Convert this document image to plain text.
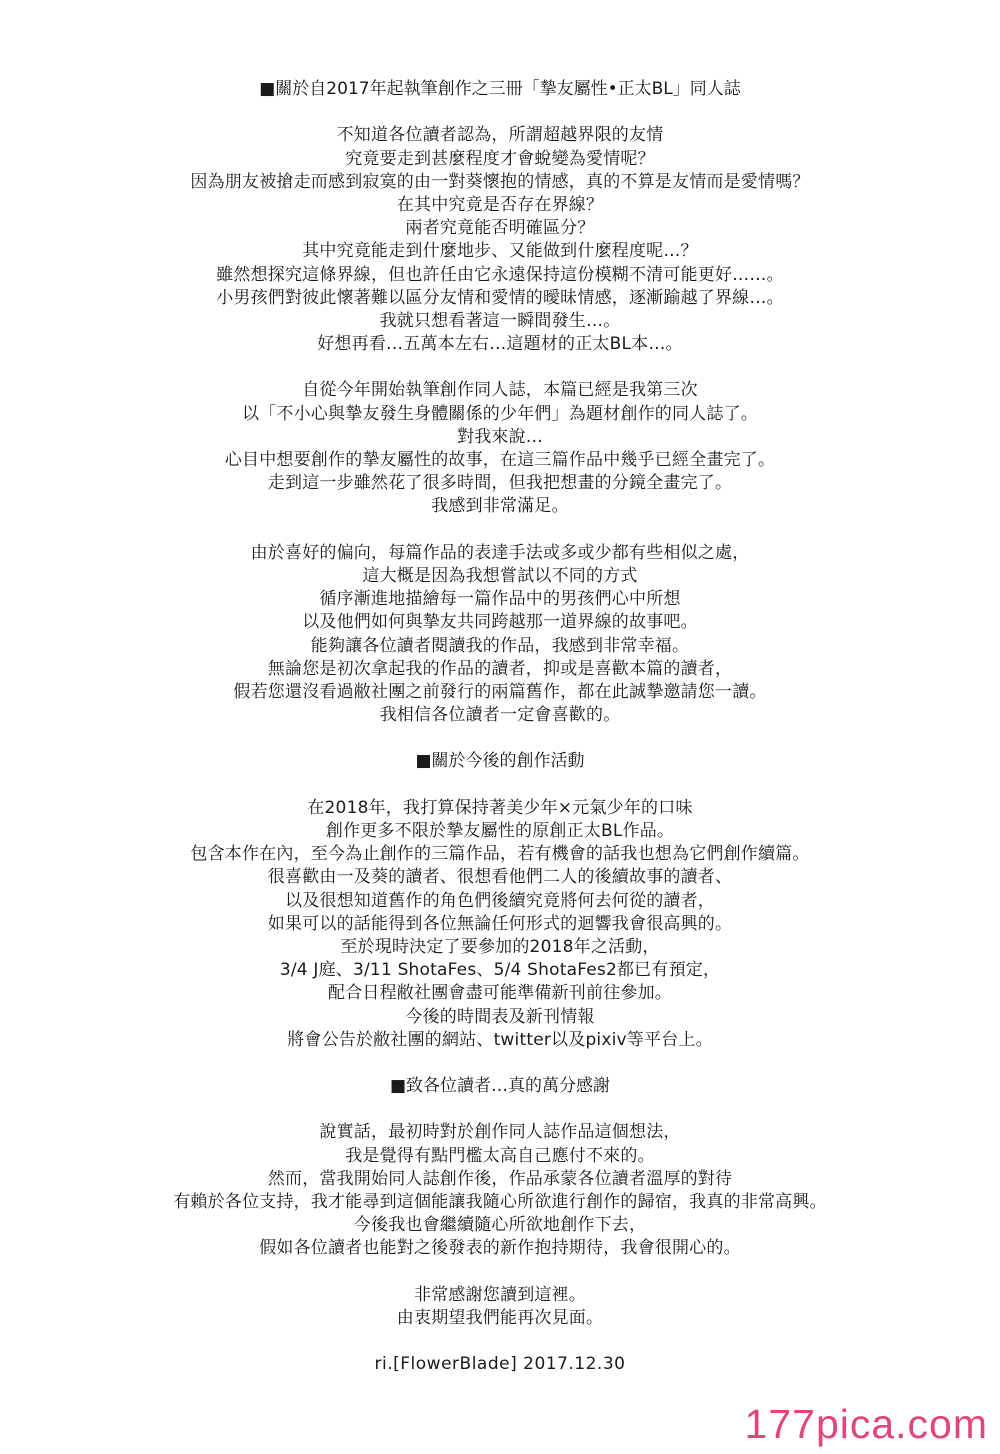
■關於自2017年起執筆創作之三冊「摯友屬性•正太BL」同人誌
不知道各位讀者認為，所謂超越界限的友情
究竟要走到甚麼程度才會蛻變為愛情呢？
因為朋友被搶走而感到寂寞的由一對葵懷抱的情感，真的不算是友情而是愛情嗎？
在其中究竟是否存在界線？
兩者究竟能否明確區分？
其中究竟能走到什麼地步、又能做到什麼程度呢…？
雖然想探究這條界線，但也許任由它永遠保持這份模糊不清可能更好……。
小男孩們對彼此懷著難以區分友情和愛情的曖昧情感，逐漸踰越了界線…。
我就只想看著這一瞬間發生…。
好想再看…五萬本左右…這題材的正太BL本…。
自從今年開始執筆創作同人誌，本篇已經是我第三次
以「不小心與摯友發生身體關係的少年們」為題材創作的同人誌了。
對我來說…
心目中想要創作的摯友屬性的故事，在這三篇作品中幾乎已經全畫完了。
走到這一步雖然花了很多時間，但我把想畫的分鏡全畫完了。
我感到非常滿足。
由於喜好的偏向，每篇作品的表達手法或多或少都有些相似之處，
這大概是因為我想嘗試以不同的方式
循序漸進地描繪每一篇作品中的男孩們心中所想
以及他們如何與摯友共同跨越那一道界線的故事吧。
能夠讓各位讀者閱讀我的作品，我感到非常幸福。
無論您是初次拿起我的作品的讀者，抑或是喜歡本篇的讀者，
假若您還沒看過敝社團之前發行的兩篇舊作，都在此誠摯邀請您一讀。
我相信各位讀者一定會喜歡的。
■關於今後的創作活動
在2018年，我打算保持著美少年×元氣少年的口味
創作更多不限於摯友屬性的原創正太BL作品。
包含本作在內，至今為止創作的三篇作品，若有機會的話我也想為它們創作續篇。
很喜歡由一及葵的讀者、很想看他們二人的後續故事的讀者、
以及很想知道舊作的角色們後續究竟將何去何從的讀者，
如果可以的話能得到各位無論任何形式的迴響我會很高興的。
至於現時決定了要參加的2018年之活動，
3/4 J庭、3/11 ShotaFes、5/4 ShotaFes2都已有預定，
配合日程敝社團會盡可能準備新刊前往參加。
今後的時間表及新刊情報
將會公告於敝社團的網站、twitter以及pixiv等平台上。
■致各位讀者…真的萬分感謝
說實話，最初時對於創作同人誌作品這個想法，
我是覺得有點門檻太高自己應付不來的。
然而，當我開始同人誌創作後，作品承蒙各位讀者溫厚的對待
有賴於各位支持，我才能尋到這個能讓我隨心所欲進行創作的歸宿，我真的非常高興。
今後我也會繼續隨心所欲地創作下去，
假如各位讀者也能對之後發表的新作抱持期待，我會很開心的。
非常感謝您讀到這裡。
由衷期望我們能再次見面。
ri.[FlowerBlade] 2017.12.30
177pica.com
